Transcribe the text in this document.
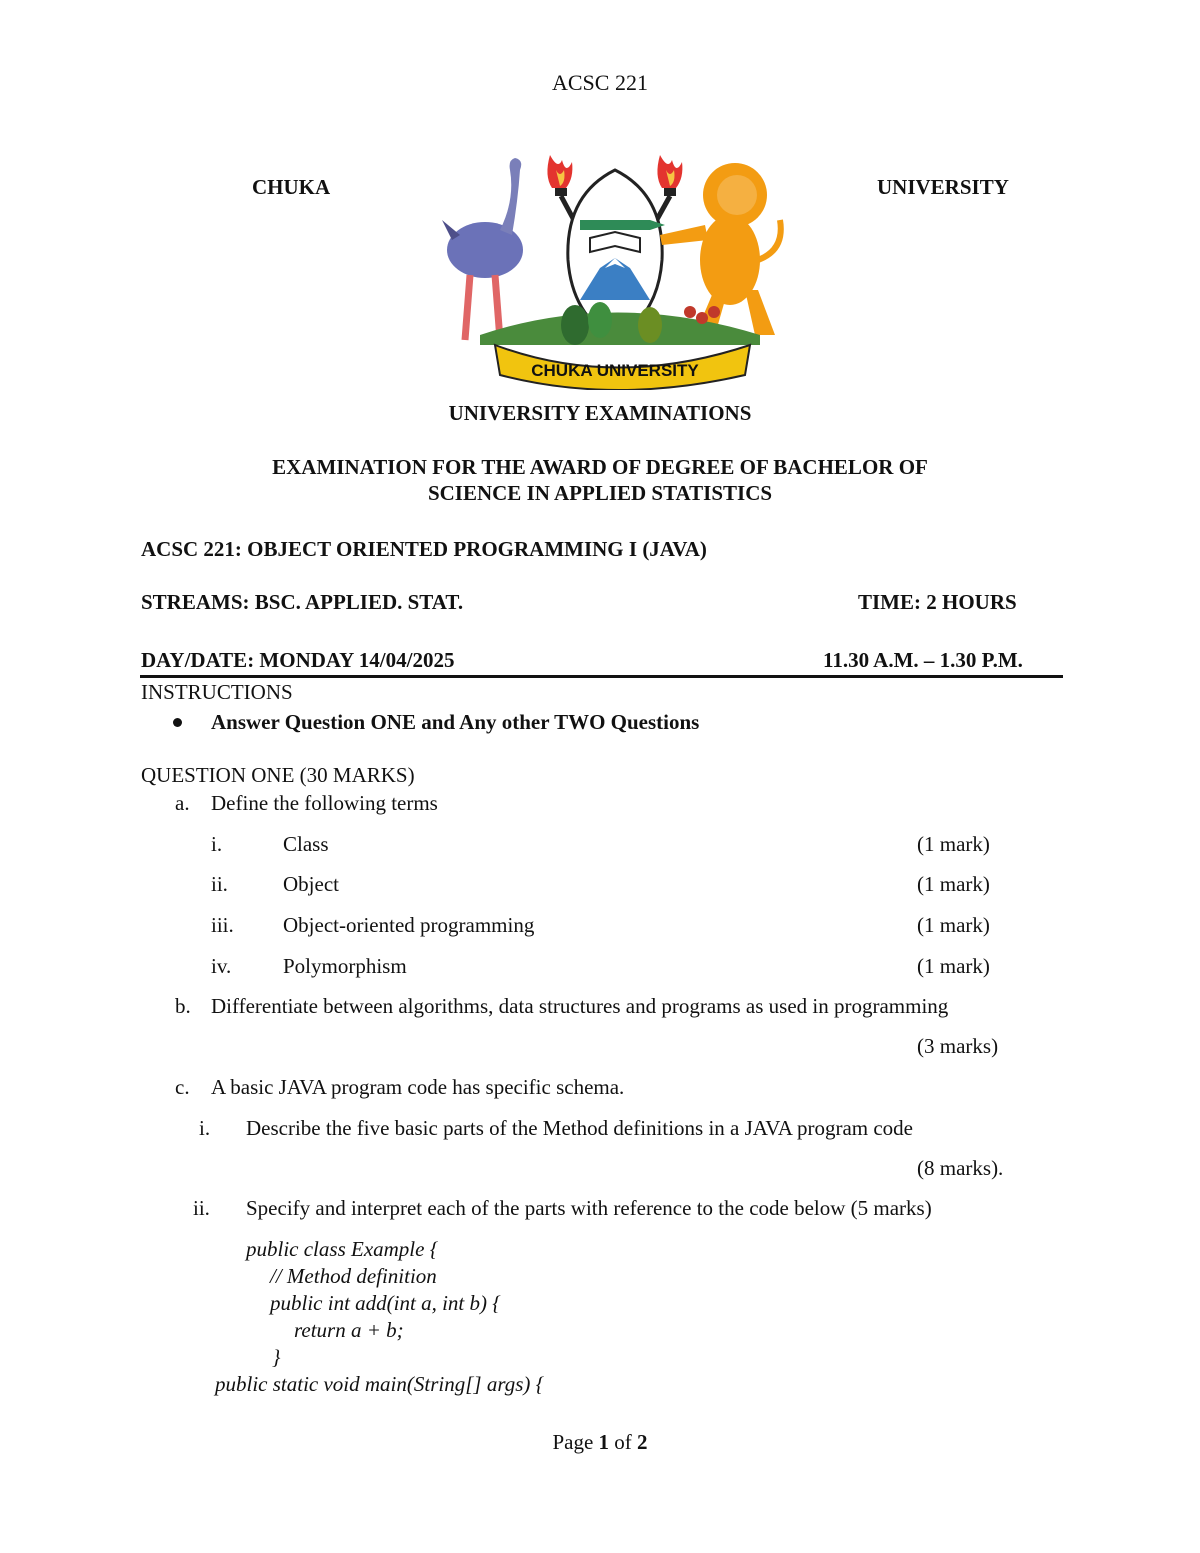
ACSC 221
CHUKA	UNIVERSITY
CHUKA UNIVERSITY
UNIVERSITY EXAMINATIONS
EXAMINATION FOR THE AWARD OF DEGREE OF BACHELOR OF
SCIENCE IN APPLIED STATISTICS
ACSC 221: OBJECT ORIENTED PROGRAMMING I (JAVA)
STREAMS: BSC. APPLIED. STAT.	TIME: 2 HOURS
DAY/DATE: MONDAY 14/04/2025	11.30 A.M. – 1.30 P.M.
INSTRUCTIONS
Answer Question ONE and Any other TWO Questions
QUESTION ONE (30 MARKS)
a. Define the following terms
i.	Class	(1 mark)
ii.	Object	(1 mark)
iii. Object-oriented programming	(1 mark)
iv. Polymorphism	(1 mark)
b. Differentiate between algorithms, data structures and programs as used in programming
(3 marks)
c. A basic JAVA program code has specific schema.
i. Describe the five basic parts of the Method definitions in a JAVA program code
(8 marks).
ii. Specify and interpret each of the parts with reference to the code below (5 marks)
public class Example {
// Method definition
public int add(int a, int b) {
return a + b;
}
public static void main(String[] args) {
Page 1 of 2
